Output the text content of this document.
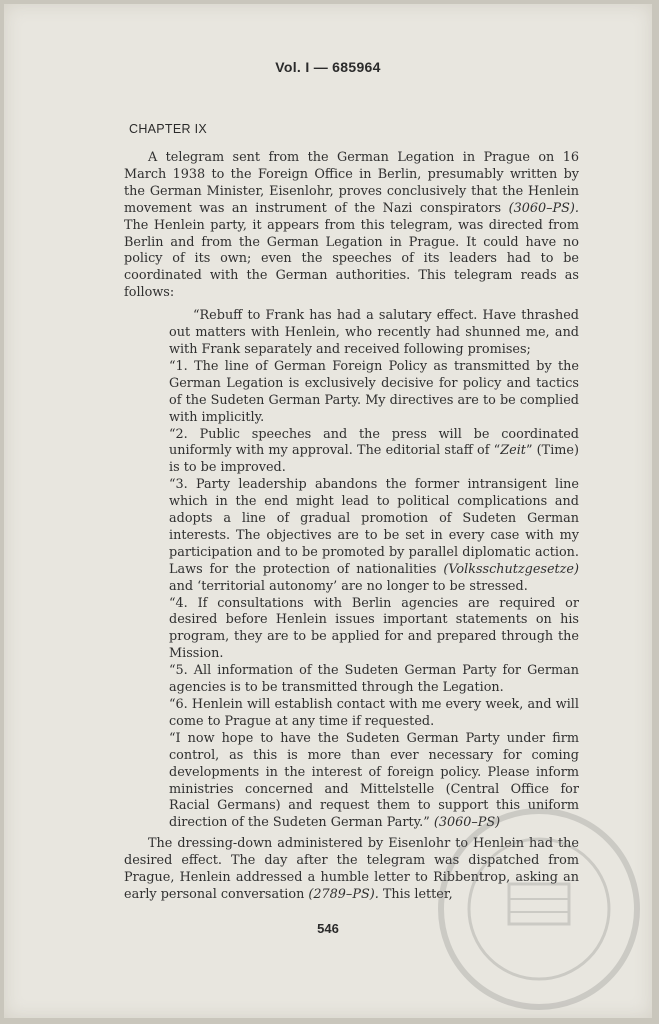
Vol. I — 685964
CHAPTER IX

A telegram sent from the German Legation in Prague on 16 March 1938 to the Foreign Office in Berlin, presumably written by the German Minister, Eisenlohr, proves conclusively that the Henlein movement was an instrument of the Nazi conspirators (3060–PS). The Henlein party, it appears from this telegram, was directed from Berlin and from the German Legation in Prague. It could have no policy of its own; even the speeches of its leaders had to be coordinated with the German authorities. This telegram reads as follows:

“Rebuff to Frank has had a salutary effect. Have thrashed out matters with Henlein, who recently had shunned me, and with Frank separately and received following promises;

“1. The line of German Foreign Policy as transmitted by the German Legation is exclusively decisive for policy and tactics of the Sudeten German Party. My directives are to be complied with implicitly.

“2. Public speeches and the press will be coordinated uniformly with my approval. The editorial staff of “Zeit” (Time) is to be improved.

“3. Party leadership abandons the former intransigent line which in the end might lead to political complications and adopts a line of gradual promotion of Sudeten German interests. The objectives are to be set in every case with my participation and to be promoted by parallel diplomatic action. Laws for the protection of nationalities (Volksschutzgesetze) and ‘territorial autonomy’ are no longer to be stressed.

“4. If consultations with Berlin agencies are required or desired before Henlein issues important statements on his program, they are to be applied for and prepared through the Mission.

“5. All information of the Sudeten German Party for German agencies is to be transmitted through the Legation.

“6. Henlein will establish contact with me every week, and will come to Prague at any time if requested.

“I now hope to have the Sudeten German Party under firm control, as this is more than ever necessary for coming developments in the interest of foreign policy. Please inform ministries concerned and Mittelstelle (Central Office for Racial Germans) and request them to support this uniform direction of the Sudeten German Party.” (3060–PS)

The dressing-down administered by Eisenlohr to Henlein had the desired effect. The day after the telegram was dispatched from Prague, Henlein addressed a humble letter to Ribbentrop, asking an early personal conversation (2789–PS). This letter,

546
